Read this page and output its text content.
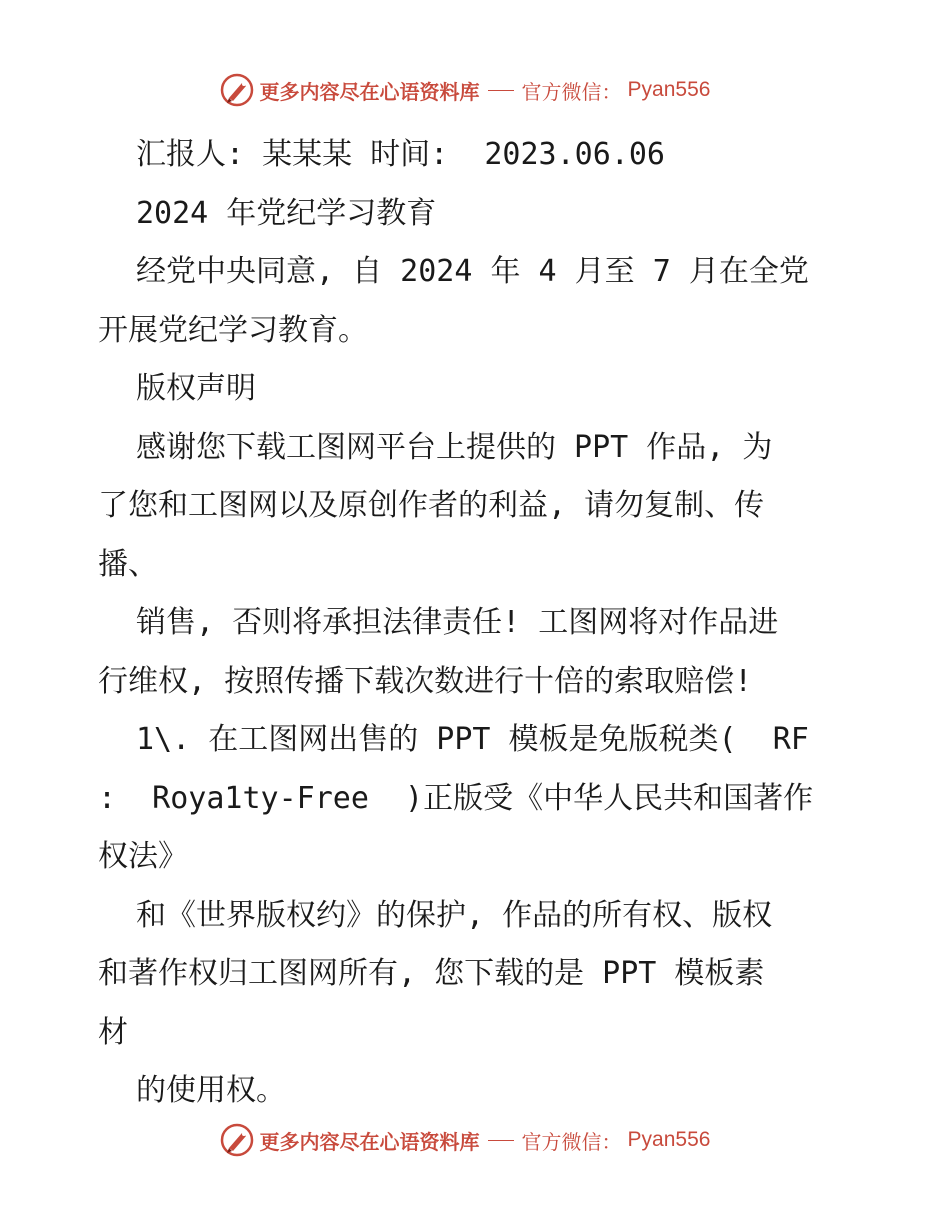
更多内容尽在心语资料库 官方微信： Pyan556
汇报人: 某某某 时间:  2023.06.06
2024 年党纪学习教育
经党中央同意, 自 2024 年 4 月至 7 月在全党
开展党纪学习教育。
版权声明
感谢您下载工图网平台上提供的 PPT 作品, 为
了您和工图网以及原创作者的利益, 请勿复制、传
播、
销售, 否则将承担法律责任! 工图网将对作品进
行维权, 按照传播下载次数进行十倍的索取赔偿!
1\. 在工图网出售的 PPT 模板是免版税类(  RF
:  Roya1ty-Free  )正版受《中华人民共和国著作
权法》
和《世界版权约》的保护, 作品的所有权、版权
和著作权归工图网所有, 您下载的是 PPT 模板素
材
的使用权。
更多内容尽在心语资料库 官方微信： Pyan556
